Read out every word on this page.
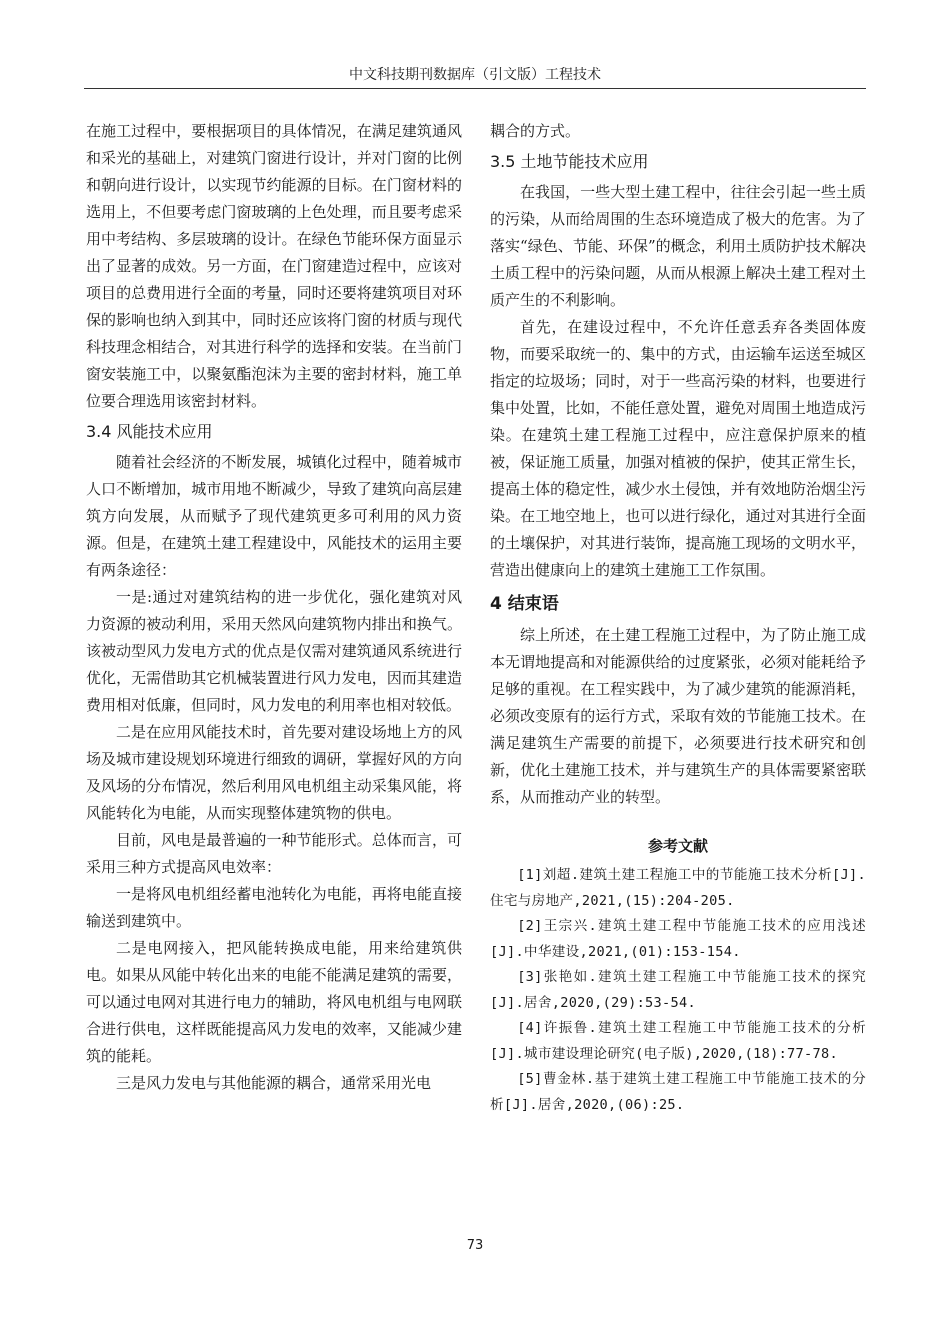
中文科技期刊数据库（引文版）工程技术

在施工过程中，要根据项目的具体情况，在满足建筑通风和采光的基础上，对建筑门窗进行设计，并对门窗的比例和朝向进行设计，以实现节约能源的目标。在门窗材料的选用上，不但要考虑门窗玻璃的上色处理，而且要考虑采用中考结构、多层玻璃的设计。在绿色节能环保方面显示出了显著的成效。另一方面，在门窗建造过程中，应该对项目的总费用进行全面的考量，同时还要将建筑项目对环保的影响也纳入到其中，同时还应该将门窗的材质与现代科技理念相结合，对其进行科学的选择和安装。在当前门窗安装施工中，以聚氨酯泡沫为主要的密封材料，施工单位要合理选用该密封材料。

3.4 风能技术应用

随着社会经济的不断发展，城镇化过程中，随着城市人口不断增加，城市用地不断减少，导致了建筑向高层建筑方向发展，从而赋予了现代建筑更多可利用的风力资源。但是，在建筑土建工程建设中，风能技术的运用主要有两条途径：

一是:通过对建筑结构的进一步优化，强化建筑对风力资源的被动利用，采用天然风向建筑物内排出和换气。该被动型风力发电方式的优点是仅需对建筑通风系统进行优化，无需借助其它机械装置进行风力发电，因而其建造费用相对低廉，但同时，风力发电的利用率也相对较低。

二是在应用风能技术时，首先要对建设场地上方的风场及城市建设规划环境进行细致的调研，掌握好风的方向及风场的分布情况，然后利用风电机组主动采集风能，将风能转化为电能，从而实现整体建筑物的供电。

目前，风电是最普遍的一种节能形式。总体而言，可采用三种方式提高风电效率：

一是将风电机组经蓄电池转化为电能，再将电能直接输送到建筑中。

二是电网接入，把风能转换成电能，用来给建筑供电。如果从风能中转化出来的电能不能满足建筑的需要，可以通过电网对其进行电力的辅助，将风电机组与电网联合进行供电，这样既能提高风力发电的效率，又能减少建筑的能耗。

三是风力发电与其他能源的耦合，通常采用光电

耦合的方式。

3.5 土地节能技术应用

在我国，一些大型土建工程中，往往会引起一些土质的污染，从而给周围的生态环境造成了极大的危害。为了落实“绿色、节能、环保”的概念，利用土质防护技术解决土质工程中的污染问题，从而从根源上解决土建工程对土质产生的不利影响。

首先，在建设过程中，不允许任意丢弃各类固体废物，而要采取统一的、集中的方式，由运输车运送至城区指定的垃圾场；同时，对于一些高污染的材料，也要进行集中处置，比如，不能任意处置，避免对周围土地造成污染。在建筑土建工程施工过程中，应注意保护原来的植被，保证施工质量，加强对植被的保护，使其正常生长，提高土体的稳定性，减少水土侵蚀，并有效地防治烟尘污染。在工地空地上，也可以进行绿化，通过对其进行全面的土壤保护，对其进行装饰，提高施工现场的文明水平，营造出健康向上的建筑土建施工工作氛围。

4 结束语

综上所述，在土建工程施工过程中，为了防止施工成本无谓地提高和对能源供给的过度紧张，必须对能耗给予足够的重视。在工程实践中，为了减少建筑的能源消耗，必须改变原有的运行方式，采取有效的节能施工技术。在满足建筑生产需要的前提下，必须要进行技术研究和创新，优化土建施工技术，并与建筑生产的具体需要紧密联系，从而推动产业的转型。

参考文献

[1]刘超.建筑土建工程施工中的节能施工技术分析[J].住宅与房地产,2021,(15):204-205.

[2]王宗兴.建筑土建工程中节能施工技术的应用浅述[J].中华建设,2021,(01):153-154.

[3]张艳如.建筑土建工程施工中节能施工技术的探究[J].居舍,2020,(29):53-54.

[4]许振鲁.建筑土建工程施工中节能施工技术的分析[J].城市建设理论研究(电子版),2020,(18):77-78.

[5]曹金林.基于建筑土建工程施工中节能施工技术的分析[J].居舍,2020,(06):25.

73
